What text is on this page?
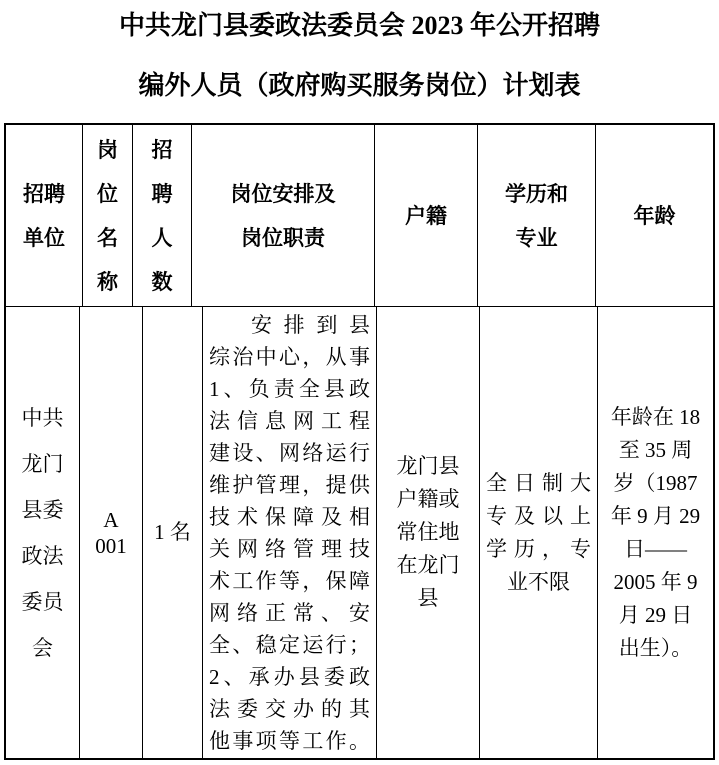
中共龙门县委政法委员会 2023 年公开招聘
编外人员（政府购买服务岗位）计划表
招聘
单位
岗
位
名
称
招
聘
人
数
岗位安排及
岗位职责
户籍
学历和
专业
年龄
中共
龙门
县委
政法
委员
会
A
001
1 名
安排到县
综治中心，从事
1、负责全县政
法信息网工程
建设、网络运行
维护管理，提供
技术保障及相
关网络管理技
术工作等，保障
网络正常、安
全、稳定运行；
2、承办县委政
法委交办的其
他事项等工作。
龙门县
户籍或
常住地
在龙门
县
全日制大
专及以上
学历，专
业不限
年龄在 18
至 35 周
岁（1987
年 9 月 29
日——
2005 年 9
月 29 日
出生）。
